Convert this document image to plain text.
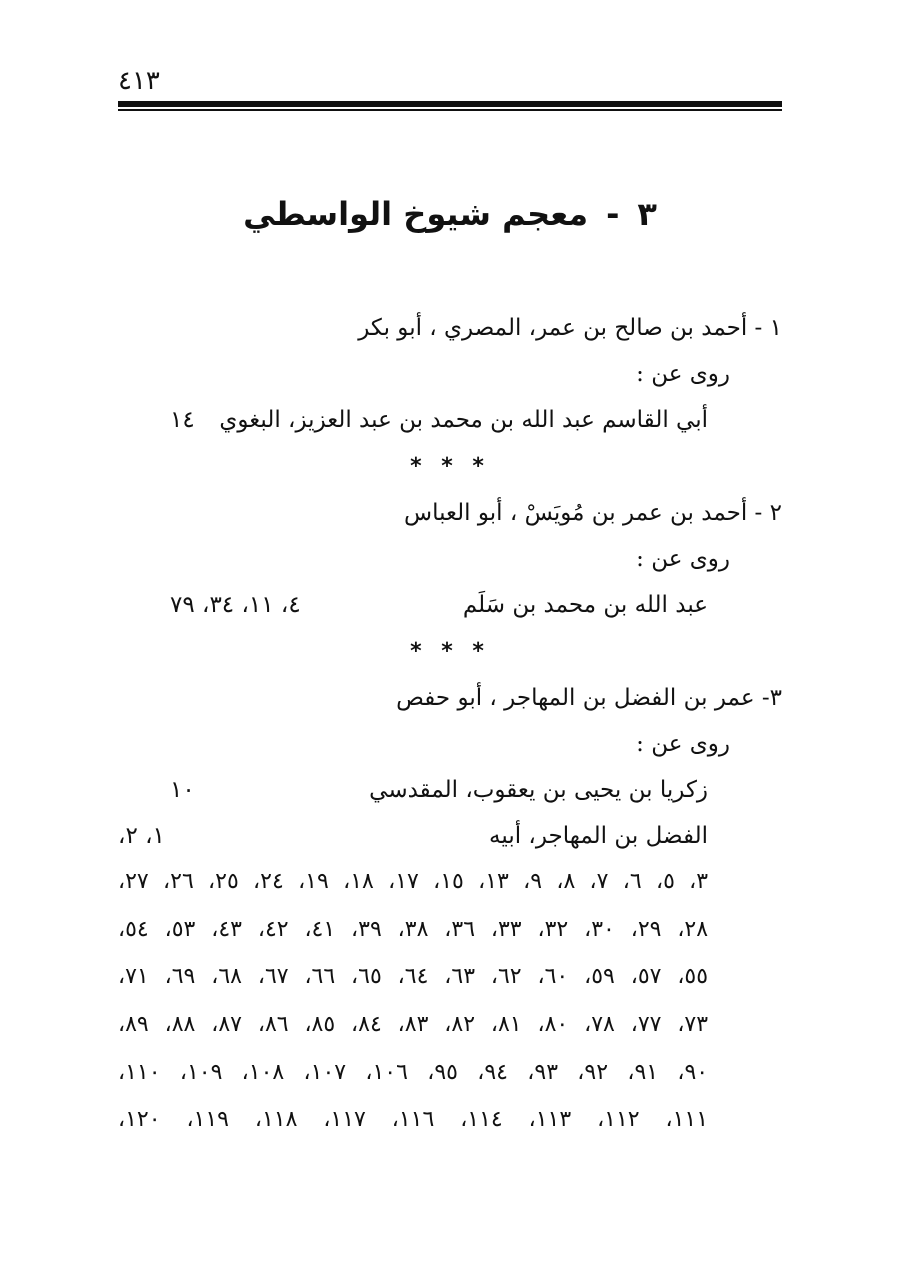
٤١٣
٣-معجم شيوخ الواسطي
١ - أحمد بن صالح بن عمر، المصري ، أبو بكر
روى عن :
أبي القاسم عبد الله بن محمد بن عبد العزيز، البغوي
١٤
* * *
٢ - أحمد بن عمر بن مُويَسْ ، أبو العباس
روى عن :
عبد الله بن محمد بن سَلَم
٤، ١١، ٣٤، ٧٩
* * *
٣- عمر بن الفضل بن المهاجر ، أبو حفص
روى عن :
زكريا بن يحيى بن يعقوب، المقدسي
١٠
الفضل بن المهاجر، أبيه
١، ٢،
٣، ٥، ٦، ٧، ٨، ٩، ١٣، ١٥، ١٧، ١٨، ١٩، ٢٤، ٢٥، ٢٦، ٢٧،
٢٨، ٢٩، ٣٠، ٣٢، ٣٣، ٣٦، ٣٨، ٣٩، ٤١، ٤٢، ٤٣، ٥٣، ٥٤،
٥٥، ٥٧، ٥٩، ٦٠، ٦٢، ٦٣، ٦٤، ٦٥، ٦٦، ٦٧، ٦٨، ٦٩، ٧١،
٧٣، ٧٧، ٧٨، ٨٠، ٨١، ٨٢، ٨٣، ٨٤، ٨٥، ٨٦، ٨٧، ٨٨، ٨٩،
٩٠، ٩١، ٩٢، ٩٣، ٩٤، ٩٥، ١٠٦، ١٠٧، ١٠٨، ١٠٩، ١١٠،
١١١، ١١٢، ١١٣، ١١٤، ١١٦، ١١٧، ١١٨، ١١٩، ١٢٠،
